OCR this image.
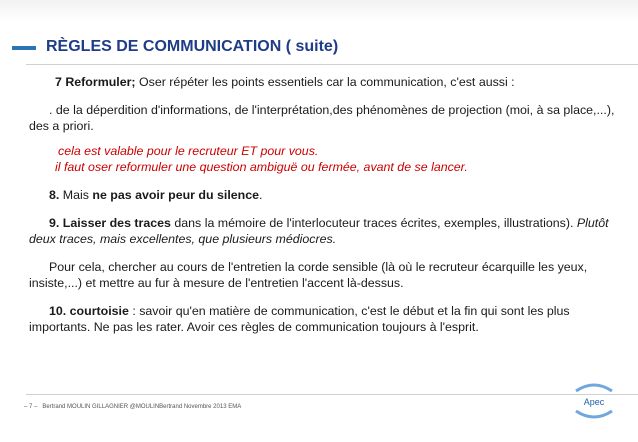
RÈGLES DE COMMUNICATION ( suite)

7 Reformuler; Oser répéter les points essentiels car la communication, c'est aussi :

. de la déperdition d'informations, de l'interprétation,des phénomènes de projection (moi, à sa place,...), des a priori.

cela est valable pour le recruteur ET pour vous.

il faut oser reformuler une question ambiguë ou fermée, avant de se lancer.

8. Mais ne pas avoir peur du silence.

9. Laisser des traces dans la mémoire de l'interlocuteur traces écrites, exemples, illustrations). Plutôt deux traces, mais excellentes, que plusieurs médiocres.

Pour cela, chercher au cours de l'entretien la corde sensible (là où le recruteur écarquille les yeux, insiste,...) et mettre au fur à mesure de l'entretien l'accent là-dessus.

10. courtoisie : savoir qu'en matière de communication, c'est le début et la fin qui sont les plus importants. Ne pas les rater. Avoir ces règles de communication toujours à l'esprit.

– 7 – Bertrand MOULIN GILLAGNIER @MOULINBertrand Novembre 2013 EMA	Apec
